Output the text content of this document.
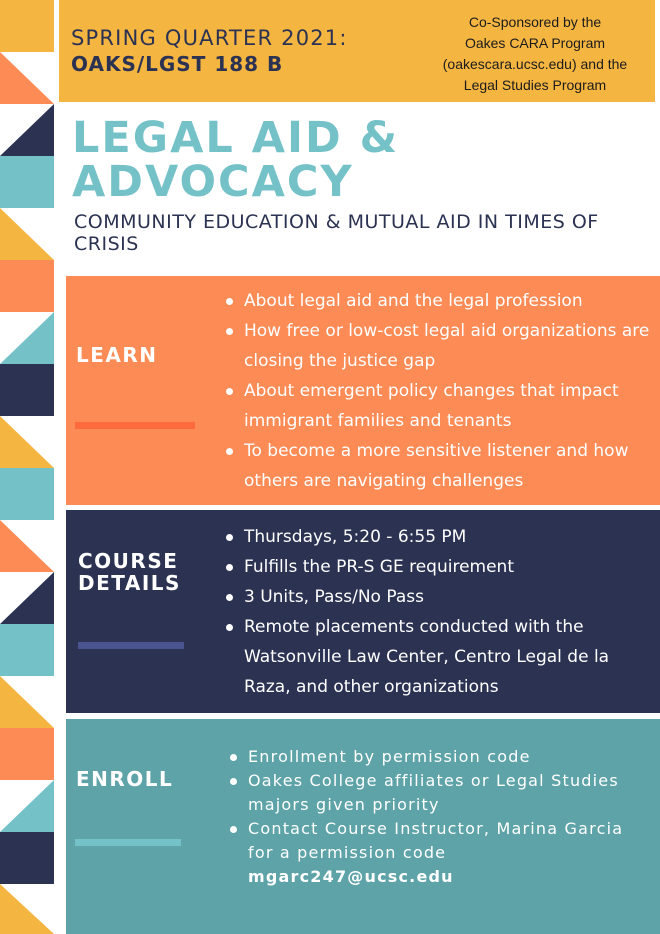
SPRING QUARTER 2021:
OAKS/LGST 188 B
Co-Sponsored by the
Oakes CARA Program
(oakescara.ucsc.edu) and the
Legal Studies Program
LEGAL AID &
ADVOCACY
COMMUNITY EDUCATION & MUTUAL AID IN TIMES OF CRISIS
LEARN
About legal aid and the legal profession
How free or low-cost legal aid organizations are closing the justice gap
About emergent policy changes that impact immigrant families and tenants
To become a more sensitive listener and how others are navigating challenges
COURSE
DETAILS
Thursdays, 5:20 - 6:55 PM
Fulfills the PR-S GE requirement
3 Units, Pass/No Pass
Remote placements conducted with the Watsonville Law Center, Centro Legal de la Raza, and other organizations
ENROLL
Enrollment by permission code
Oakes College affiliates or Legal Studies majors given priority
Contact Course Instructor, Marina Garcia for a permission code mgarc247@ucsc.edu
